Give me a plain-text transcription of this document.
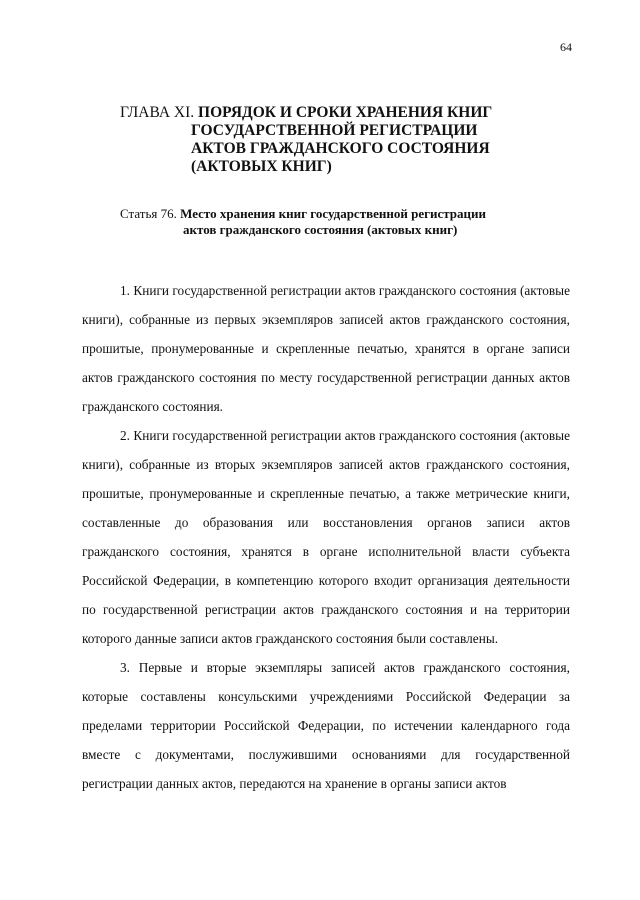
64
ГЛАВА XI. ПОРЯДОК И СРОКИ ХРАНЕНИЯ КНИГ
ГОСУДАРСТВЕННОЙ РЕГИСТРАЦИИ
АКТОВ ГРАЖДАНСКОГО СОСТОЯНИЯ
(АКТОВЫХ КНИГ)
Статья 76. Место хранения книг государственной регистрации
актов гражданского состояния (актовых книг)

1. Книги государственной регистрации актов гражданского состояния (актовые книги), собранные из первых экземпляров записей актов гражданского состояния, прошитые, пронумерованные и скрепленные печатью, хранятся в органе записи актов гражданского состояния по месту государственной регистрации данных актов гражданского состояния.

2. Книги государственной регистрации актов гражданского состояния (актовые книги), собранные из вторых экземпляров записей актов гражданского состояния, прошитые, пронумерованные и скрепленные печатью, а также метрические книги, составленные до образования или восстановления органов записи актов гражданского состояния, хранятся в органе исполнительной власти субъекта Российской Федерации, в компетенцию которого входит организация деятельности по государственной регистрации актов гражданского состояния и на территории которого данные записи актов гражданского состояния были составлены.

3. Первые и вторые экземпляры записей актов гражданского состояния, которые составлены консульскими учреждениями Российской Федерации за пределами территории Российской Федерации, по истечении календарного года вместе с документами, послужившими основаниями для государственной регистрации данных актов, передаются на хранение в органы записи актов
